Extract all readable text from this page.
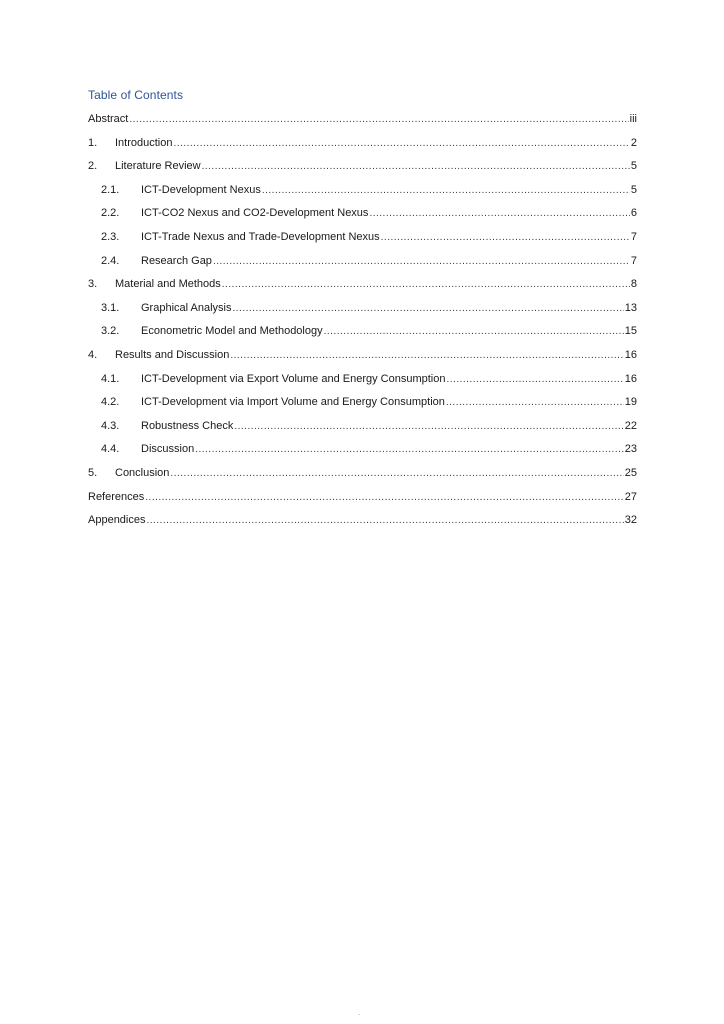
Table of Contents
Abstract .....	iii
1.	Introduction .....	2
2.	Literature Review .....	5
2.1.	ICT-Development Nexus .....	5
2.2.	ICT-CO2 Nexus and CO2-Development Nexus .....	6
2.3.	ICT-Trade Nexus and Trade-Development Nexus .....	7
2.4.	Research Gap .....	7
3.	Material and Methods .....	8
3.1.	Graphical Analysis .....	13
3.2.	Econometric Model and Methodology .....	15
4.	Results and Discussion .....	16
4.1.	ICT-Development via Export Volume and Energy Consumption .....	16
4.2.	ICT-Development via Import Volume and Energy Consumption .....	19
4.3.	Robustness Check .....	22
4.4.	Discussion .....	23
5.	Conclusion .....	25
References .....	27
Appendices .....	32
-
